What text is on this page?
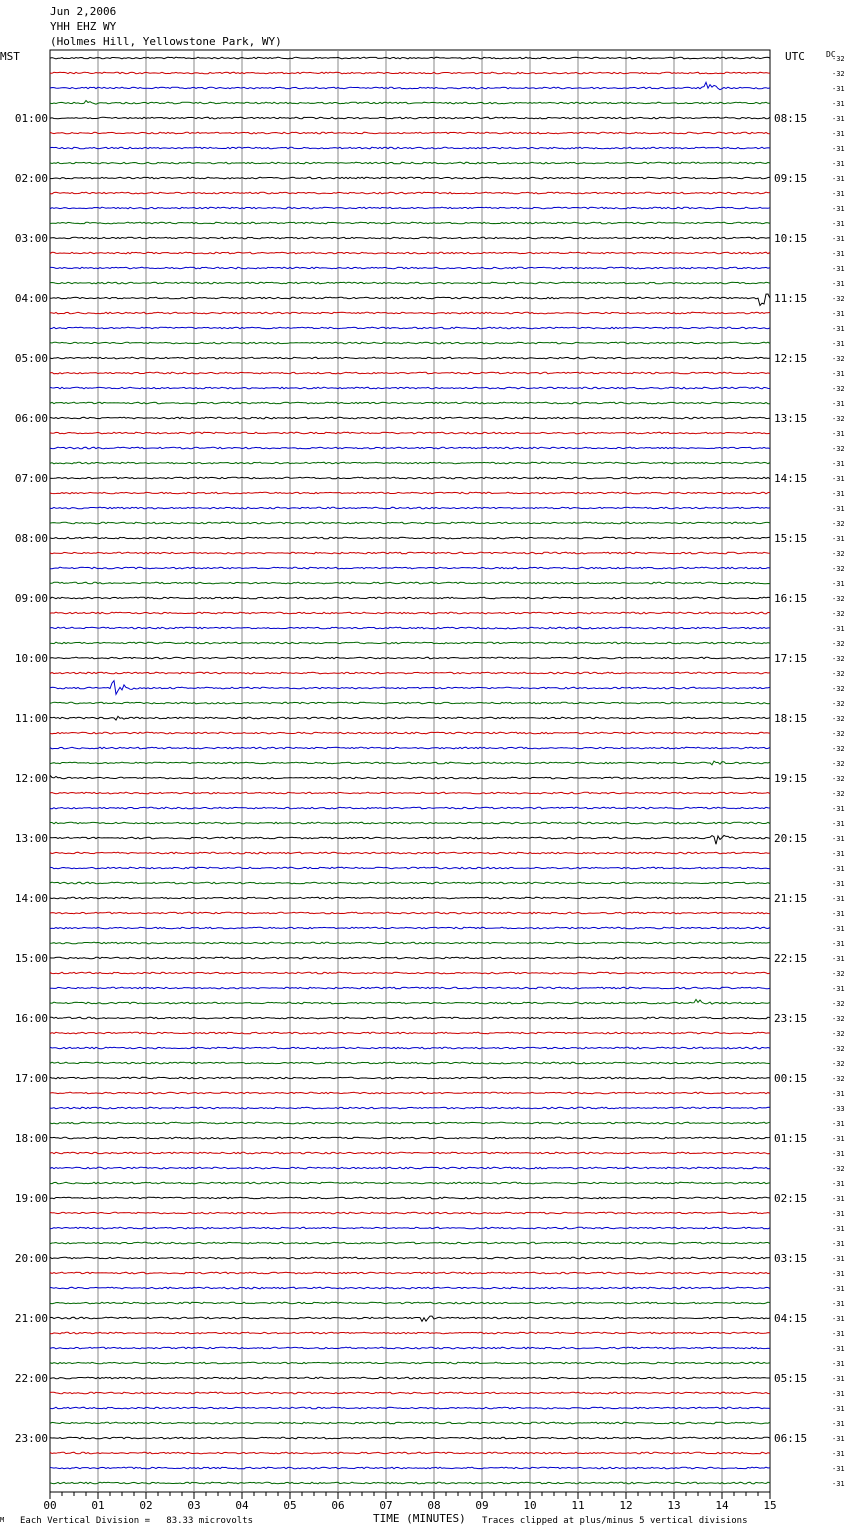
DC
-32
-32
-31
-31
-31
-31
-31
-31
-31
-31
-31
-31
-31
-31
-31
-31
-32
-31
-31
-31
-32
-31
-32
-31
-32
-31
-32
-31
-31
-31
-31
-32
-31
-32
-32
-31
-32
-32
-31
-32
-32
-32
-32
-32
-32
-32
-32
-32
-32
-32
-31
-31
-31
-31
-31
-31
-31
-31
-31
-31
-31
-32
-31
-32
-32
-32
-32
-32
-32
-31
-33
-31
-31
-31
-32
-31
-31
-31
-31
-31
-31
-31
-31
-31
-31
-31
-31
-31
-31
-31
-31
-31
-31
-31
-31
-31
MST	UTC
01:00
02:00
03:00
04:00
05:00
06:00
07:00
08:00
09:00
10:00
11:00
12:00
13:00
14:00
15:00
16:00
17:00
18:00
19:00
20:00
21:00
22:00
23:00
08:15
09:15
10:15
11:15
12:15
13:15
14:15
15:15
16:15
17:15
18:15
19:15
20:15
21:15
22:15
23:15
00:15
01:15
02:15
03:15
04:15
05:15
06:15
00	01	02	03	04	05	06	07	08	09	10	11	12	13	14	15
Jun 2,2006
YHH EHZ WY
(Holmes Hill, Yellowstone Park, WY)
M Each Vertical Division =   83.33 microvolts	TIME (MINUTES) Traces clipped at plus/minus 5 vertical divisions
